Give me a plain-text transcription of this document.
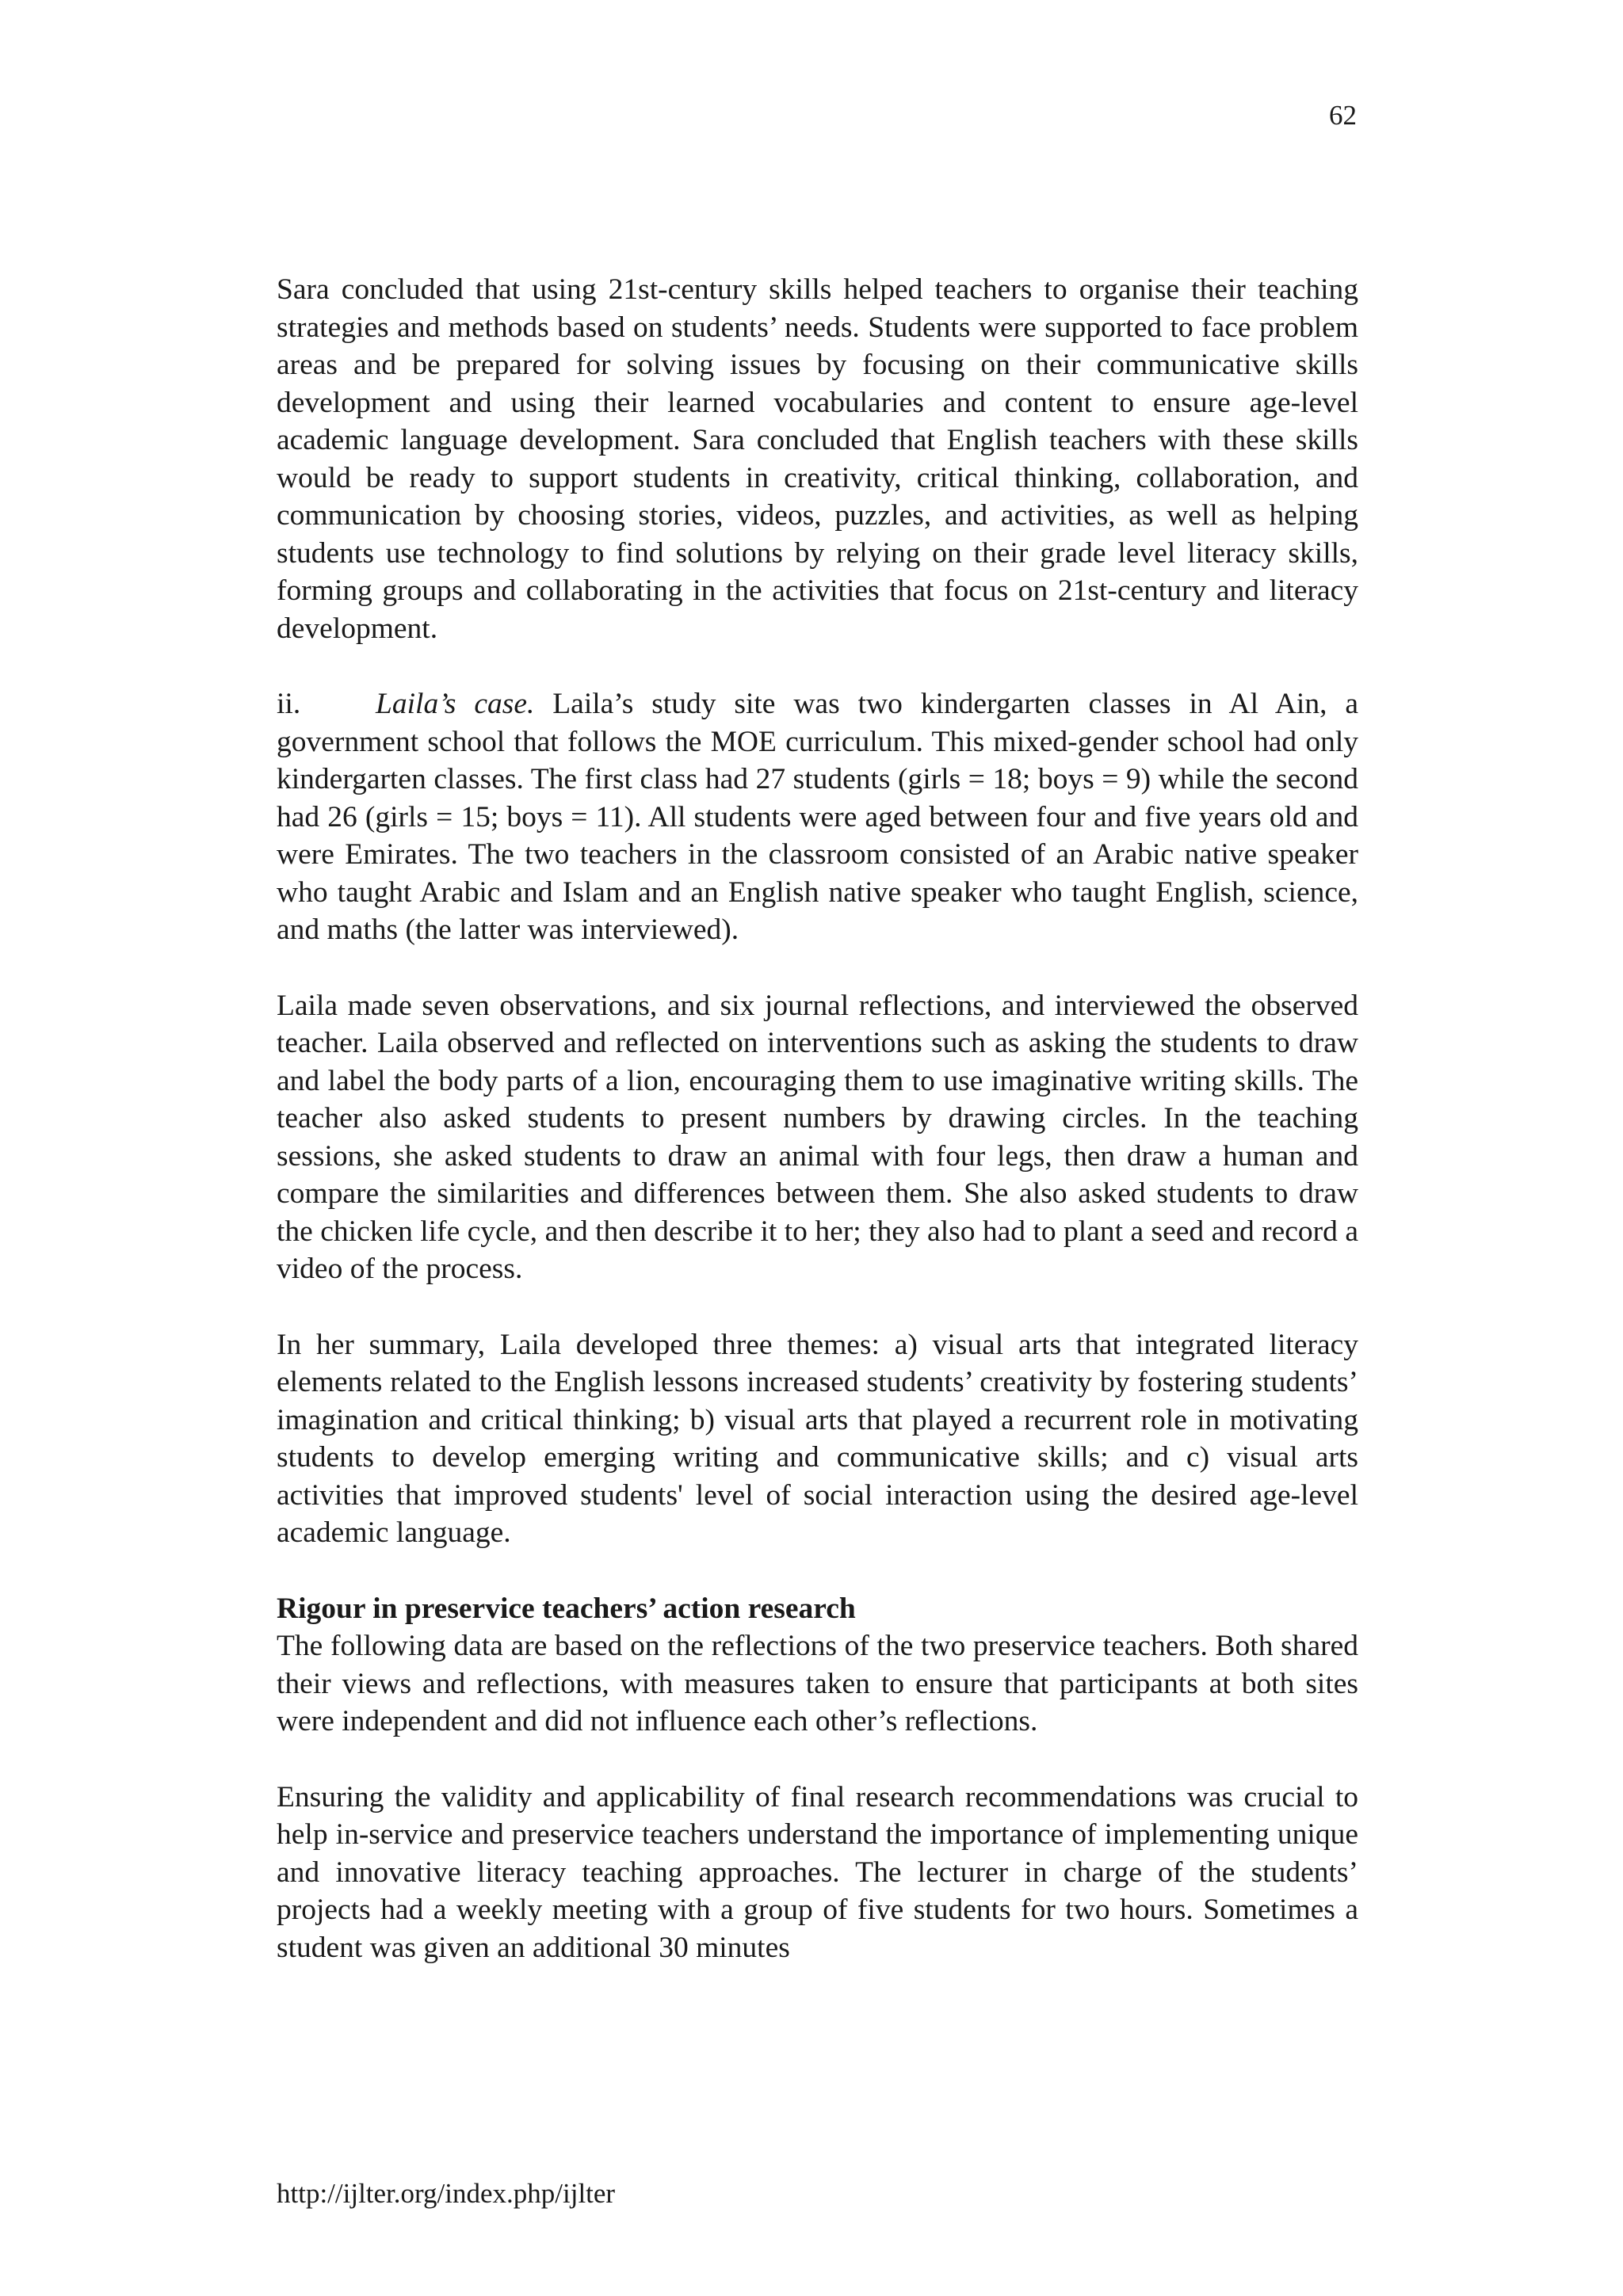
62

Sara concluded that using 21st-century skills helped teachers to organise their teaching strategies and methods based on students’ needs. Students were supported to face problem areas and be prepared for solving issues by focusing on their communicative skills development and using their learned vocabularies and content to ensure age-level academic language development. Sara concluded that English teachers with these skills would be ready to support students in creativity, critical thinking, collaboration, and communication by choosing stories, videos, puzzles, and activities, as well as helping students use technology to find solutions by relying on their grade level literacy skills, forming groups and collaborating in the activities that focus on 21st-century and literacy development.

ii.	Laila’s case. Laila’s study site was two kindergarten classes in Al Ain, a government school that follows the MOE curriculum. This mixed-gender school had only kindergarten classes. The first class had 27 students (girls = 18; boys = 9) while the second had 26 (girls = 15; boys = 11). All students were aged between four and five years old and were Emirates. The two teachers in the classroom consisted of an Arabic native speaker who taught Arabic and Islam and an English native speaker who taught English, science, and maths (the latter was interviewed).

Laila made seven observations, and six journal reflections, and interviewed the observed teacher. Laila observed and reflected on interventions such as asking the students to draw and label the body parts of a lion, encouraging them to use imaginative writing skills. The teacher also asked students to present numbers by drawing circles. In the teaching sessions, she asked students to draw an animal with four legs, then draw a human and compare the similarities and differences between them. She also asked students to draw the chicken life cycle, and then describe it to her; they also had to plant a seed and record a video of the process.

In her summary, Laila developed three themes: a) visual arts that integrated literacy elements related to the English lessons increased students’ creativity by fostering students’ imagination and critical thinking; b) visual arts that played a recurrent role in motivating students to develop emerging writing and communicative skills; and c) visual arts activities that improved students' level of social interaction using the desired age-level academic language.

Rigour in preservice teachers’ action research

The following data are based on the reflections of the two preservice teachers. Both shared their views and reflections, with measures taken to ensure that participants at both sites were independent and did not influence each other’s reflections.

Ensuring the validity and applicability of final research recommendations was crucial to help in-service and preservice teachers understand the importance of implementing unique and innovative literacy teaching approaches. The lecturer in charge of the students’ projects had a weekly meeting with a group of five students for two hours. Sometimes a student was given an additional 30 minutes

http://ijlter.org/index.php/ijlter
